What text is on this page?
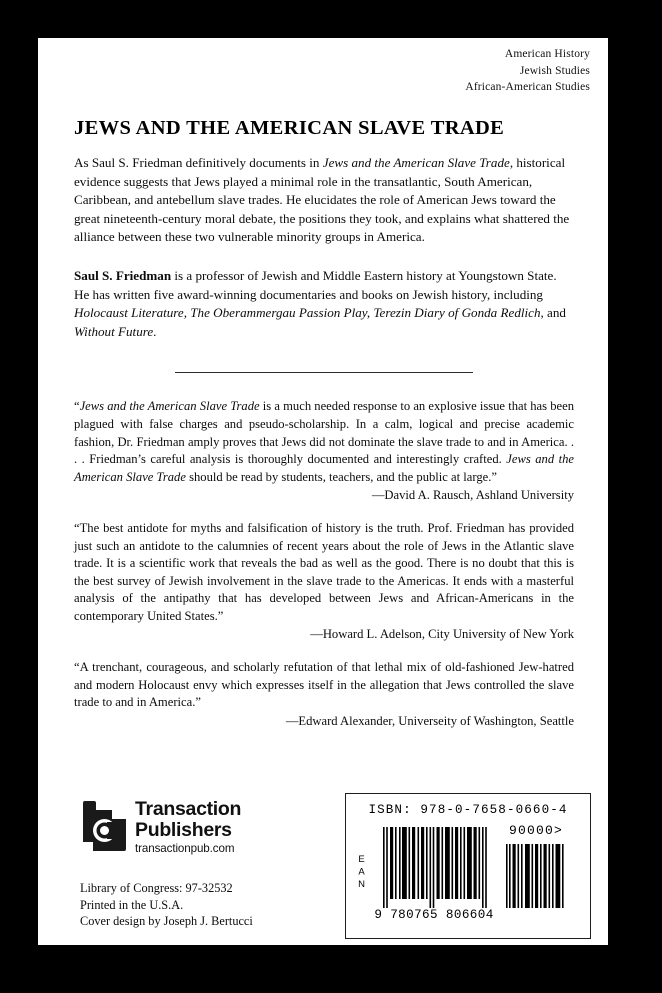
American History
Jewish Studies
African-American Studies
JEWS AND THE AMERICAN SLAVE TRADE

As Saul S. Friedman definitively documents in Jews and the American Slave Trade, historical evidence suggests that Jews played a minimal role in the transatlantic, South American, Caribbean, and antebellum slave trades. He elucidates the role of American Jews toward the great nineteenth-century moral debate, the positions they took, and explains what shattered the alliance between these two vulnerable minority groups in America.

Saul S. Friedman is a professor of Jewish and Middle Eastern history at Youngstown State. He has written five award-winning documentaries and books on Jewish history, including Holocaust Literature, The Oberammergau Passion Play, Terezin Diary of Gonda Redlich, and Without Future.

“Jews and the American Slave Trade is a much needed response to an explosive issue that has been plagued with false charges and pseudo-scholarship. In a calm, logical and precise academic fashion, Dr. Friedman amply proves that Jews did not dominate the slave trade to and in America. . . . Friedman’s careful analysis is thoroughly documented and interestingly crafted. Jews and the American Slave Trade should be read by students, teachers, and the public at large.”

—David A. Rausch, Ashland University

“The best antidote for myths and falsification of history is the truth. Prof. Friedman has provided just such an antidote to the calumnies of recent years about the role of Jews in the Atlantic slave trade. It is a scientific work that reveals the bad as well as the good. There is no doubt that this is the best survey of Jewish involvement in the slave trade to the Americas. It ends with a masterful analysis of the antipathy that has developed between Jews and African-Americans in the contemporary United States.”

—Howard L. Adelson, City University of New York

“A trenchant, courageous, and scholarly refutation of that lethal mix of old-fashioned Jew-hatred and modern Holocaust envy which expresses itself in the allegation that Jews controlled the slave trade to and in America.”

—Edward Alexander, Universeity of Washington, Seattle

Transaction
Publishers
transactionpub.com
Library of Congress: 97-32532
Printed in the U.S.A.
Cover design by Joseph J. Bertucci
ISBN: 978-0-7658-0660-4
EAN
9 780765 806604
90000>
